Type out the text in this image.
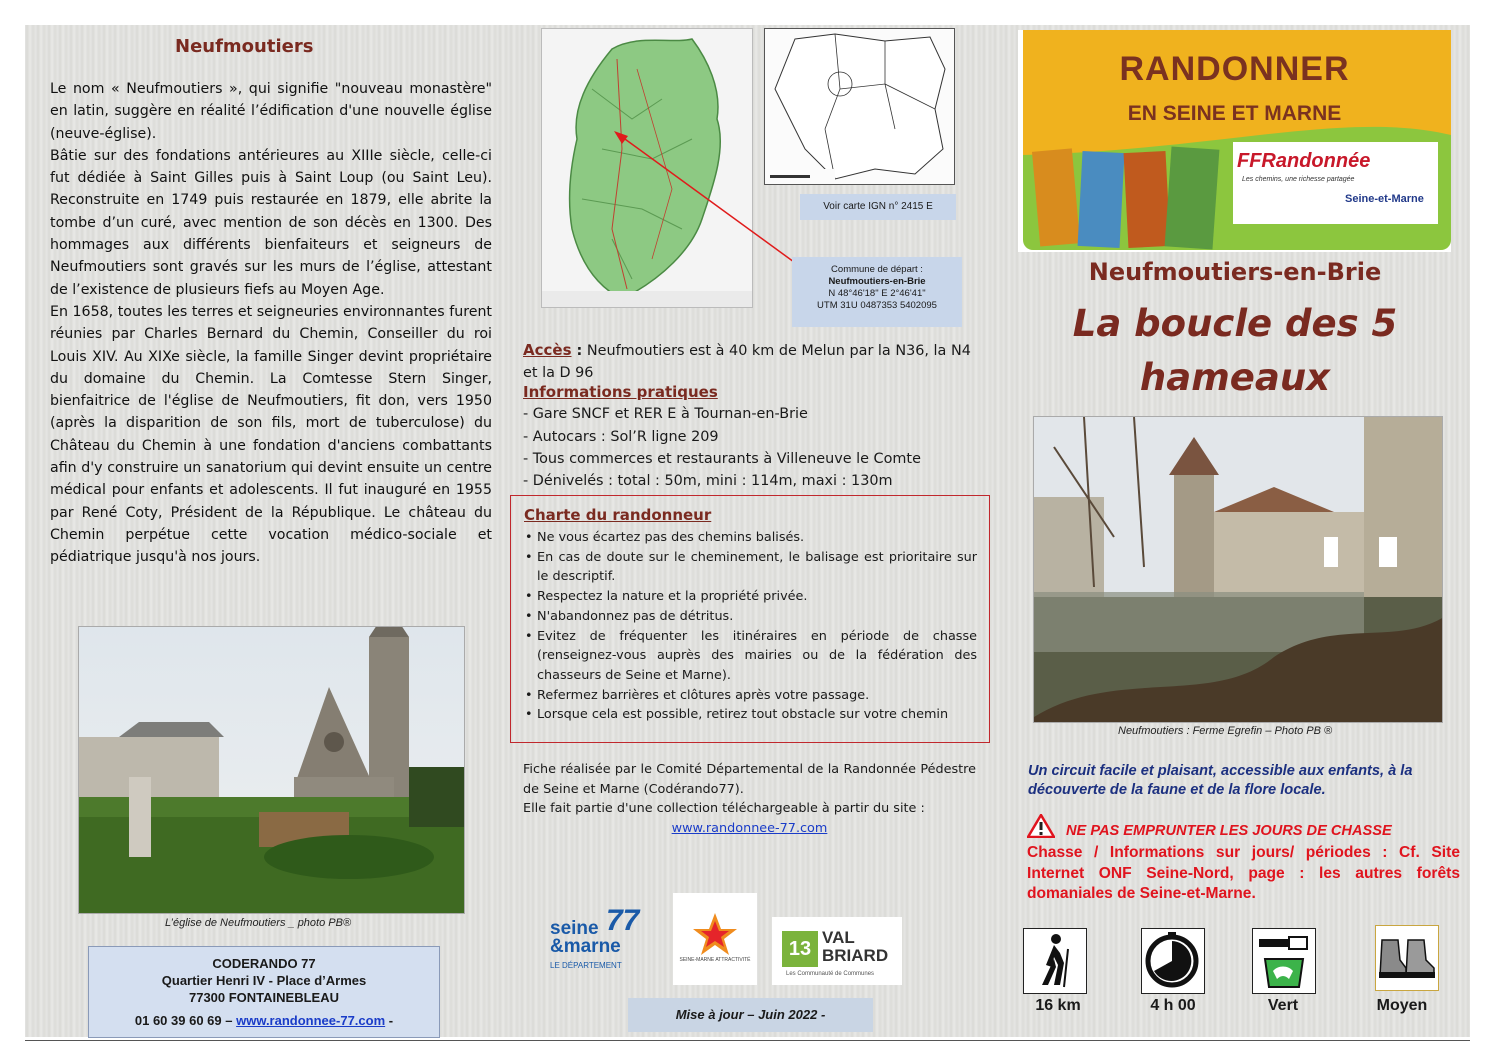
Neufmoutiers
Le nom « Neufmoutiers », qui signifie "nouveau monastère" en latin, suggère en réalité l’édification d'une nouvelle église (neuve-église).
Bâtie sur des fondations antérieures au XIIIe siècle, celle-ci fut dédiée à Saint Gilles puis à Saint Loup (ou Saint Leu). Reconstruite en 1749 puis restaurée en 1879, elle abrite la tombe d’un curé, avec mention de son décès en 1300. Des hommages aux différents bienfaiteurs et seigneurs de Neufmoutiers sont gravés sur les murs de l’église, attestant de l’existence de plusieurs fiefs au Moyen Age.
En 1658, toutes les terres et seigneuries environnantes furent réunies par Charles Bernard du Chemin, Conseiller du roi Louis XIV. Au XIXe siècle, la famille Singer devint propriétaire du domaine du Chemin. La Comtesse Stern Singer, bienfaitrice de l'église de Neufmoutiers, fit don, vers 1950 (après la disparition de son fils, mort de tuberculose) du Château du Chemin à une fondation d'anciens combattants afin d'y construire un sanatorium qui devint ensuite un centre médical pour enfants et adolescents. Il fut inauguré en 1955 par René Coty, Président de la République. Le château du Chemin perpétue cette vocation médico-sociale et pédiatrique jusqu'à nos jours.
L’église de Neufmoutiers _ photo PB®
CODERANDO 77
Quartier Henri IV - Place d’Armes
77300 FONTAINEBLEAU
01 60 39 60 69 – www.randonnee-77.com -
Voir carte IGN n° 2415 E
Commune de départ :
Neufmoutiers-en-Brie
N 48°46'18" E 2°46'41"
UTM 31U 0487353 5402095
Accès : Neufmoutiers est à 40 km de Melun par la N36, la N4 et la D 96
Informations pratiques
- Gare SNCF et RER E à Tournan-en-Brie
- Autocars : Sol’R ligne 209
- Tous commerces et restaurants à Villeneuve le Comte
- Dénivelés : total : 50m, mini : 114m, maxi : 130m
Charte du randonneur
• Ne vous écartez pas des chemins balisés.
• En cas de doute sur le cheminement, le balisage est prioritaire sur le descriptif.
• Respectez la nature et la propriété privée.
• N'abandonnez pas de détritus.
• Evitez de fréquenter les itinéraires en période de chasse (renseignez-vous auprès des mairies ou de la fédération des chasseurs de Seine et Marne).
• Refermez barrières et clôtures après votre passage.
• Lorsque cela est possible, retirez tout obstacle sur votre chemin
Fiche réalisée par le Comité Départemental de la Randonnée Pédestre de Seine et Marne (Codérando77).
Elle fait partie d'une collection téléchargeable à partir du site :
www.randonnee-77.com
seine
&marne
77
LE DÉPARTEMENT
SEINE-MARNE ATTRACTIVITÉ	13
VAL
BRIARD
Les Communauté de Communes
Mise à jour – Juin 2022 -
RANDONNER
EN SEINE ET MARNE
FFRandonnée
Les chemins, une richesse partagée
Seine-et-Marne
Neufmoutiers-en-Brie
La boucle des 5 hameaux
Neufmoutiers : Ferme Egrefin – Photo PB ®
Un circuit facile et plaisant, accessible aux enfants, à la découverte de la faune et de la flore locale.
NE PAS EMPRUNTER LES JOURS DE CHASSE
Chasse / Informations sur jours/ périodes : Cf. Site Internet ONF Seine-Nord, page : les autres forêts domaniales de Seine-et-Marne.
16 km	4 h 00	Vert	Moyen
